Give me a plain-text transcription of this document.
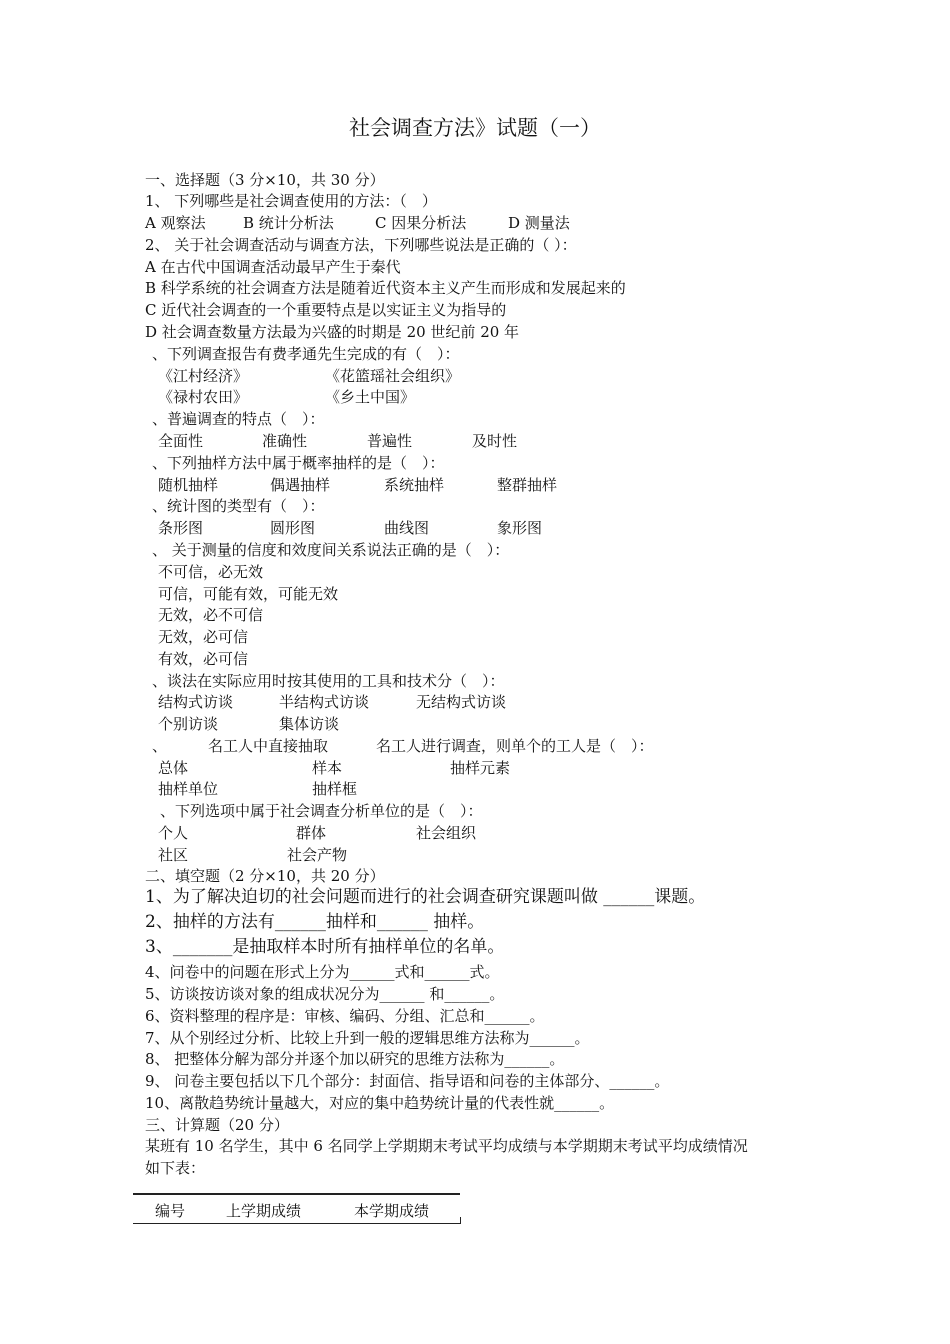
社会调查方法》试题（一）
一、选择题（3 分×10，共 30 分）
1、 下列哪些是社会调查使用的方法：（　）
A 观察法 B 统计分析法	C 因果分析法	D 测量法
2、 关于社会调查活动与调查方法，下列哪些说法是正确的（ ）：
A 在古代中国调查活动最早产生于秦代
B 科学系统的社会调查方法是随着近代资本主义产生而形成和发展起来的
C 近代社会调查的一个重要特点是以实证主义为指导的
D 社会调查数量方法最为兴盛的时期是 20 世纪前 20 年
、下列调查报告有费孝通先生完成的有（　）：
《江村经济》	《花篮瑶社会组织》
《禄村农田》	《乡土中国》
、普遍调查的特点（　）：
全面性	准确性	普遍性	及时性
、下列抽样方法中属于概率抽样的是（　）：
随机抽样	偶遇抽样	系统抽样	整群抽样
、统计图的类型有（　）：
条形图	圆形图	曲线图	象形图
、 关于测量的信度和效度间关系说法正确的是（　）：
不可信，必无效
可信，可能有效，可能无效
无效，必不可信
无效，必可信
有效，必可信
、谈法在实际应用时按其使用的工具和技术分（　）：
结构式访谈	半结构式访谈	无结构式访谈
个别访谈	集体访谈
、	名工人中直接抽取	名工人进行调查，则单个的工人是（　）：
总体	样本	抽样元素
抽样单位	抽样框
、下列选项中属于社会调查分析单位的是（　）：
个人	群体	社会组织
社区	社会产物
二、填空题（2 分×10，共 20 分）
1、为了解决迫切的社会问题而进行的社会调查研究课题叫做 ______课题。
2、抽样的方法有______抽样和______ 抽样。
3、_______是抽取样本时所有抽样单位的名单。
4、问卷中的问题在形式上分为______式和______式。
5、访谈按访谈对象的组成状况分为______ 和______。
6、资料整理的程序是：审核、编码、分组、汇总和______。
7、从个别经过分析、比较上升到一般的逻辑思维方法称为______。
8、 把整体分解为部分并逐个加以研究的思维方法称为______。
9、 问卷主要包括以下几个部分：封面信、指导语和问卷的主体部分、______。
10、离散趋势统计量越大，对应的集中趋势统计量的代表性就______。
三、计算题（20 分）
某班有 10 名学生，其中 6 名同学上学期期末考试平均成绩与本学期期末考试平均成绩情况
如下表：
编号	上学期成绩	本学期成绩
